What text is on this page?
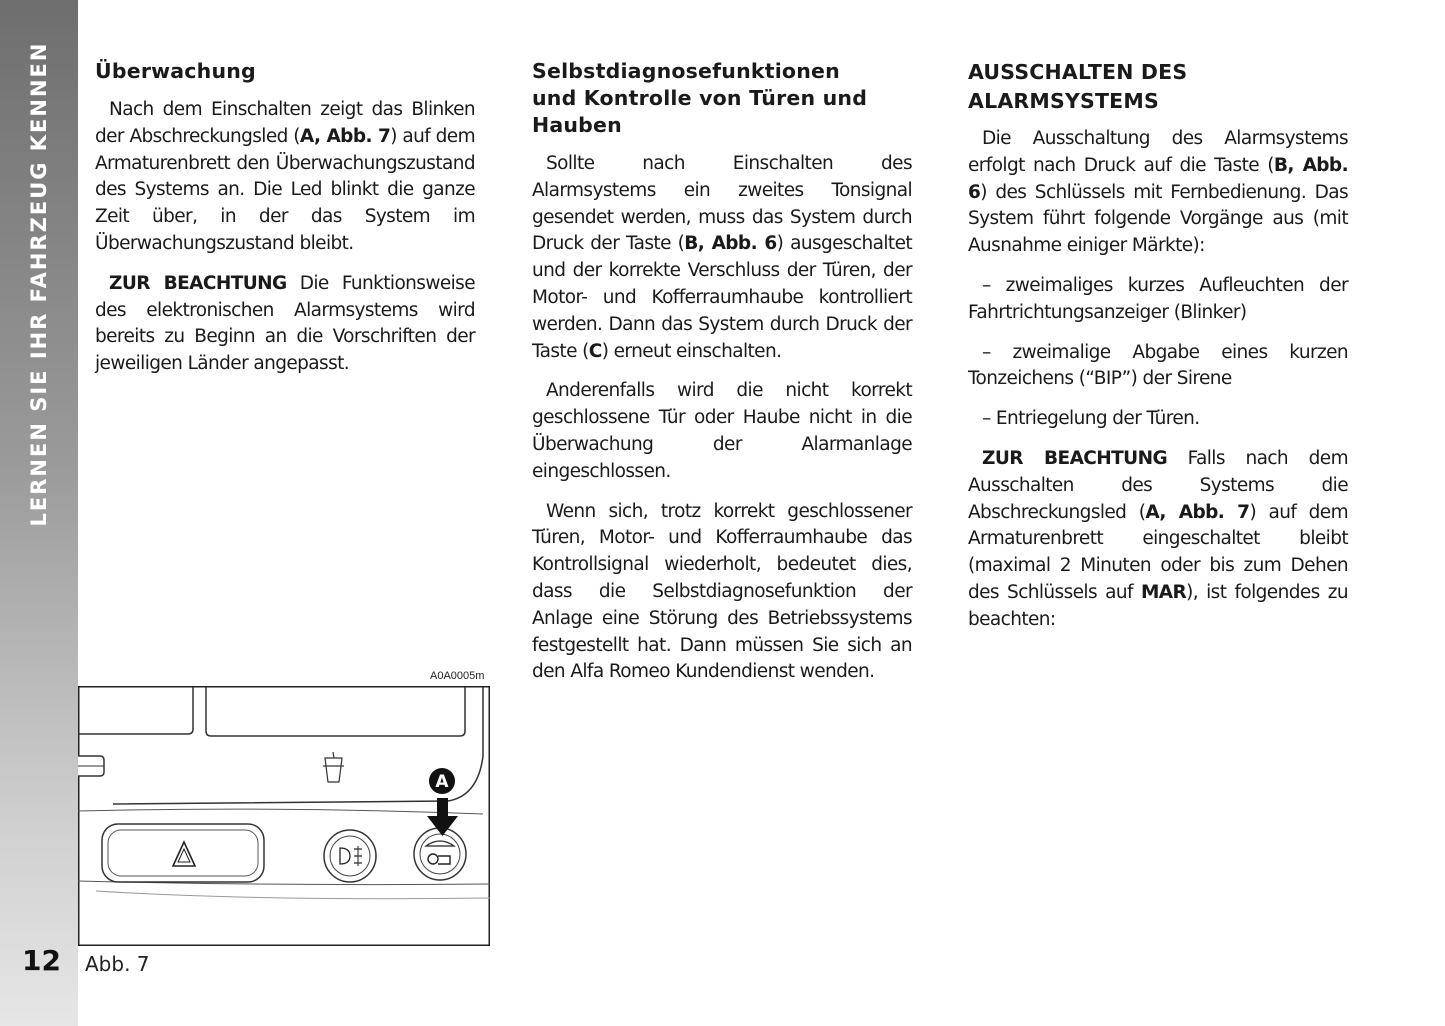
LERNEN SIE IHR FAHRZEUG KENNEN
12
Überwachung

Nach dem Einschalten zeigt das Blinken der Abschreckungsled (A, Abb. 7) auf dem Armaturenbrett den Überwachungszustand des Systems an. Die Led blinkt die ganze Zeit über, in der das System im Überwachungszustand bleibt.

ZUR BEACHTUNG Die Funktionsweise des elektronischen Alarmsystems wird bereits zu Beginn an die Vorschriften der jeweiligen Länder angepasst.

Selbstdiagnosefunktionen
und Kontrolle von Türen und
Hauben

Sollte nach Einschalten des Alarmsystems ein zweites Tonsignal gesendet werden, muss das System durch Druck der Taste (B, Abb. 6) ausgeschaltet und der korrekte Verschluss der Türen, der Motor- und Kofferraumhaube kontrolliert werden. Dann das System durch Druck der Taste (C) erneut einschalten.

Anderenfalls wird die nicht korrekt geschlossene Tür oder Haube nicht in die Überwachung der Alarmanlage eingeschlossen.

Wenn sich, trotz korrekt geschlossener Türen, Motor- und Kofferraumhaube das Kontrollsignal wiederholt, bedeutet dies, dass die Selbstdiagnosefunktion der Anlage eine Störung des Betriebssystems festgestellt hat. Dann müssen Sie sich an den Alfa Romeo Kundendienst wenden.

AUSSCHALTEN DES
ALARMSYSTEMS

Die Ausschaltung des Alarmsystems erfolgt nach Druck auf die Taste (B, Abb. 6) des Schlüssels mit Fernbedienung. Das System führt folgende Vorgänge aus (mit Ausnahme einiger Märkte):

– zweimaliges kurzes Aufleuchten der Fahrtrichtungsanzeiger (Blinker)

– zweimalige Abgabe eines kurzen Tonzeichens (“BIP”) der Sirene

– Entriegelung der Türen.

ZUR BEACHTUNG Falls nach dem Ausschalten des Systems die Abschreckungsled (A, Abb. 7) auf dem Armaturenbrett eingeschaltet bleibt (maximal 2 Minuten oder bis zum Dehen des Schlüssels auf MAR), ist folgendes zu beachten:

A0A0005m
A
Abb. 7
